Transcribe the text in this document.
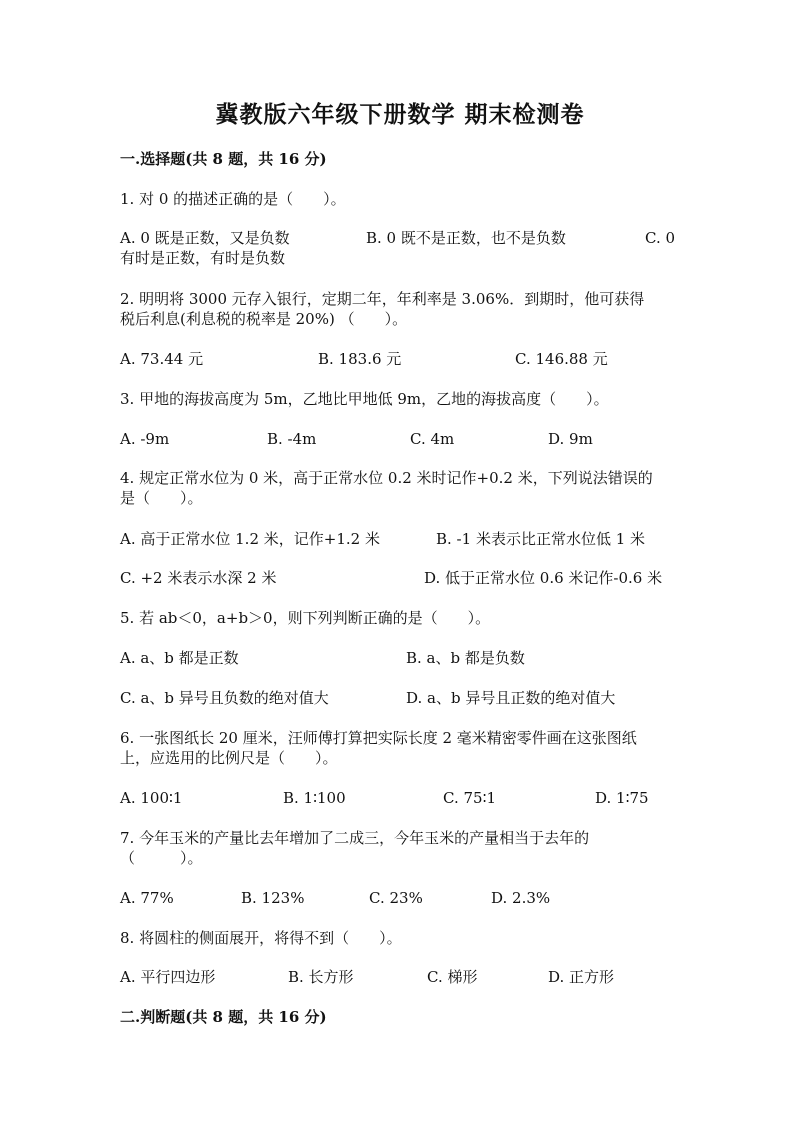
冀教版六年级下册数学 期末检测卷
一.选择题(共 8 题，共 16 分)
1. 对 0 的描述正确的是（　　）。
A. 0 既是正数，又是负数	B. 0 既不是正数，也不是负数	C. 0
有时是正数，有时是负数
2. 明明将 3000 元存入银行，定期二年，年利率是 3.06%．到期时，他可获得
税后利息(利息税的税率是 20%) （　　）。
A. 73.44 元	B. 183.6 元	C. 146.88 元
3. 甲地的海拔高度为 5m，乙地比甲地低 9m，乙地的海拔高度（　　）。
A. -9m	B. -4m	C. 4m	D. 9m
4. 规定正常水位为 0 米，高于正常水位 0.2 米时记作+0.2 米，下列说法错误的
是（　　）。
A. 高于正常水位 1.2 米，记作+1.2 米	B. -1 米表示比正常水位低 1 米
C. +2 米表示水深 2 米	D. 低于正常水位 0.6 米记作-0.6 米
5. 若 ab＜0，a+b＞0，则下列判断正确的是（　　）。
A. a、b 都是正数	B. a、b 都是负数
C. a、b 异号且负数的绝对值大	D. a、b 异号且正数的绝对值大
6. 一张图纸长 20 厘米，汪师傅打算把实际长度 2 毫米精密零件画在这张图纸
上，应选用的比例尺是（　　）。
A. 100∶1	B. 1∶100	C. 75∶1	D. 1∶75
7. 今年玉米的产量比去年增加了二成三，今年玉米的产量相当于去年的
（　　　）。
A. 77%	B. 123%	C. 23%	D. 2.3%
8. 将圆柱的侧面展开，将得不到（　　）。
A. 平行四边形	B. 长方形	C. 梯形	D. 正方形
二.判断题(共 8 题，共 16 分)
